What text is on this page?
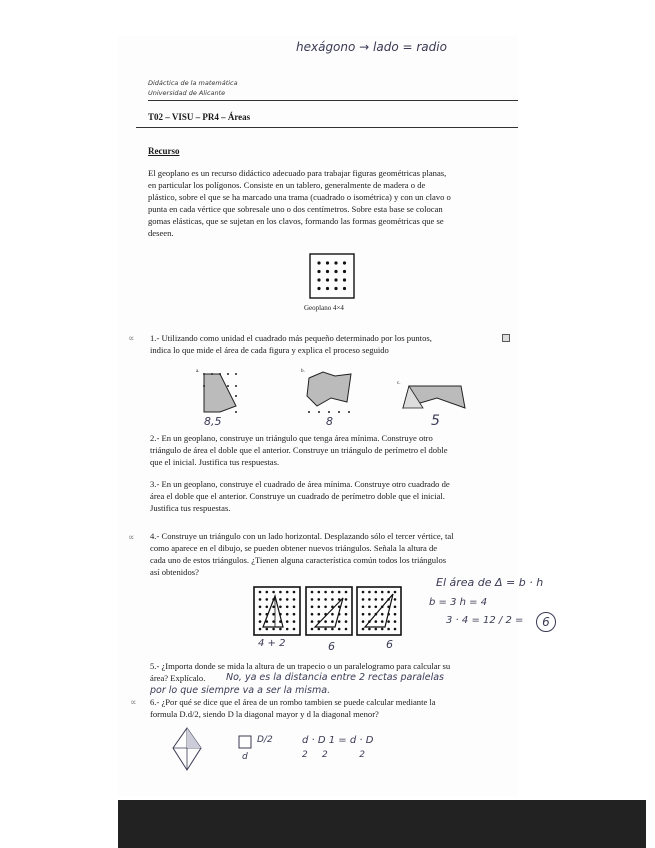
hexágono → lado = radio
Didáctica de la matemática
Universidad de Alicante
T02 – VISU – PR4 – Áreas
Recurso
El geoplano es un recurso didáctico adecuado para trabajar figuras geométricas planas,
en particular los polígonos. Consiste en un tablero, generalmente de madera o de
plástico, sobre el que se ha marcado una trama (cuadrado o isométrica) y con un clavo o
punta en cada vértice que sobresale uno o dos centímetros. Sobre esta base se colocan
gomas elásticas, que se sujetan en los clavos, formando las formas geométricas que se
deseen.
Geoplano 4×4
∝ 1.- Utilizando como unidad el cuadrado más pequeño determinado por los puntos,
indica lo que mide el área de cada figura y explica el proceso seguido
a.	b.
c.
8,5	8	5
2.- En un geoplano, construye un triángulo que tenga área mínima. Construye otro
triángulo de área el doble que el anterior. Construye un triángulo de perímetro el doble
que el inicial. Justifica tus respuestas.
3.- En un geoplano, construye el cuadrado de área mínima. Construye otro cuadrado de
área el doble que el anterior. Construye un cuadrado de perímetro doble que el inicial.
Justifica tus respuestas.
∝ 4.- Construye un triángulo con un lado horizontal. Desplazando sólo el tercer vértice, tal
como aparece en el dibujo, se pueden obtener nuevos triángulos. Señala la altura de
cada uno de estos triángulos. ¿Tienen alguna característica común todos los triángulos
así obtenidos?
El área de Δ = b · h
b = 3 h = 4
3 · 4 = 12 / 2 =	6
4 + 2	6	6
5.- ¿Importa donde se mida la altura de un trapecio o un paralelogramo para calcular su
área? Explícalo. No, ya es la distancia entre 2 rectas paralelas
por lo que siempre va a ser la misma.
∝ 6.- ¿Por qué se dice que el área de un rombo tambien se puede calcular mediante la
formula D.d/2, siendo D la diagonal mayor y d la diagonal menor?
D/2
d
d · D 1 = d · D
2     2           2
